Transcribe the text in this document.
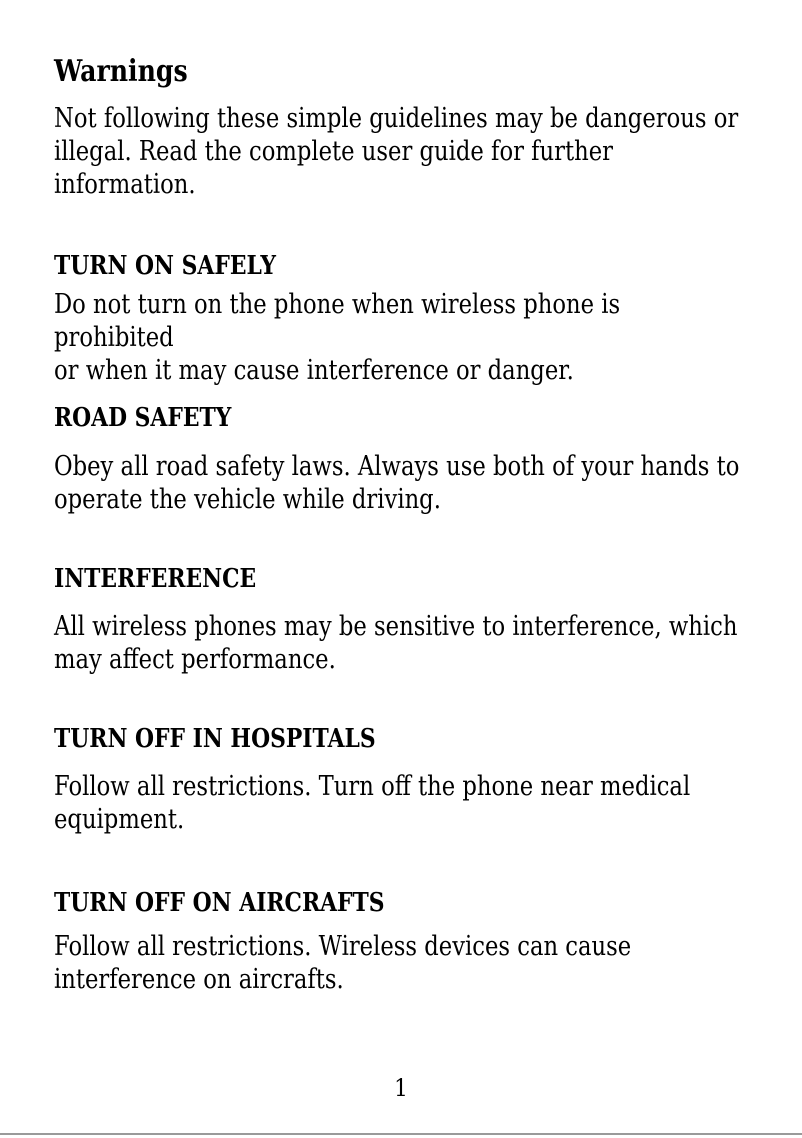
Warnings

Not following these simple guidelines may be dangerous or
illegal. Read the complete user guide for further
information.

TURN ON SAFELY

Do not turn on the phone when wireless phone is prohibited
or when it may cause interference or danger.

ROAD SAFETY

Obey all road safety laws. Always use both of your hands to
operate the vehicle while driving.

INTERFERENCE

All wireless phones may be sensitive to interference, which
may affect performance.

TURN OFF IN HOSPITALS

Follow all restrictions. Turn off the phone near medical
equipment.

TURN OFF ON AIRCRAFTS

Follow all restrictions. Wireless devices can cause
interference on aircrafts.

1
